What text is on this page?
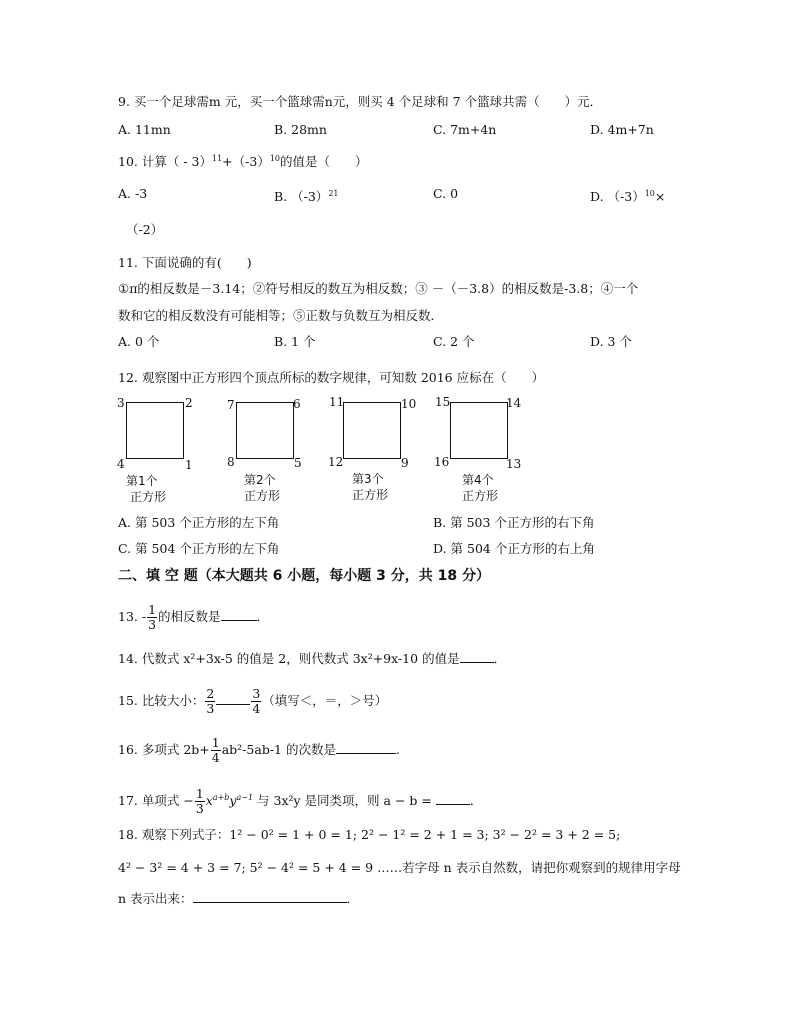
9. 买一个足球需m 元，买一个篮球需n元，则买 4 个足球和 7 个篮球共需（　　）元．
A. 11mn	B. 28mn	C. 7m+4n	D. 4m+7n
10. 计算（ - $3)^{11}+(-3)^{10}$的值是（　　）
A. -3	B. $(-3)^{21}$	C. 0	D. $(-3)^{10}\times$
（-2）
11. 下面说确的有(　　)
①π的相反数是－3.14；②符号相反的数互为相反数；③ －（－3.8）的相反数是-3.8；④一个
数和它的相反数没有可能相等；⑤正数与负数互为相反数．
A. 0 个	B. 1 个	C. 2 个	D. 3 个
12. 观察图中正方形四个顶点所标的数字规律，可知数 2016 应标在（　　）
3	2
4	1
第1个
正方形
7	6
8	5
第2个
正方形
11	10
12	9
第3个
正方形
15	14
16	13
第4个
正方形
A. 第 503 个正方形的左下角	B. 第 503 个正方形的右下角
C. 第 504 个正方形的左下角	D. 第 504 个正方形的右上角
二、填 空 题（本大题共 6 小题，每小题 3 分，共 18 分）
13. - $\frac{1}{3}$ 的相反数是	．
14. 代数式 x²+3x-5 的值是 2，则代数式 3x²+9x-10 的值是	．
15. 比较大小： $\frac{2}{3}$	$\frac{3}{4}$ （填写＜，＝，＞号）
16. 多项式 $2b+ \frac{1}{4} ab^2-5ab-1$ 的次数是	.
17. 单项式 − $\frac{1}{3} x^{a+b}y^{a-1}$ 与 3x²y 是同类项，则 a − b =	．
18. 观察下列式子：1² − 0² = 1 + 0 = 1; 2² − 1² = 2 + 1 = 3; 3² − 2² = 3 + 2 = 5;
4² − 3² = 4 + 3 = 7; 5² − 4² = 5 + 4 = 9 ……若字母 n 表示自然数，请把你观察到的规律用字母
n 表示出来：	．
